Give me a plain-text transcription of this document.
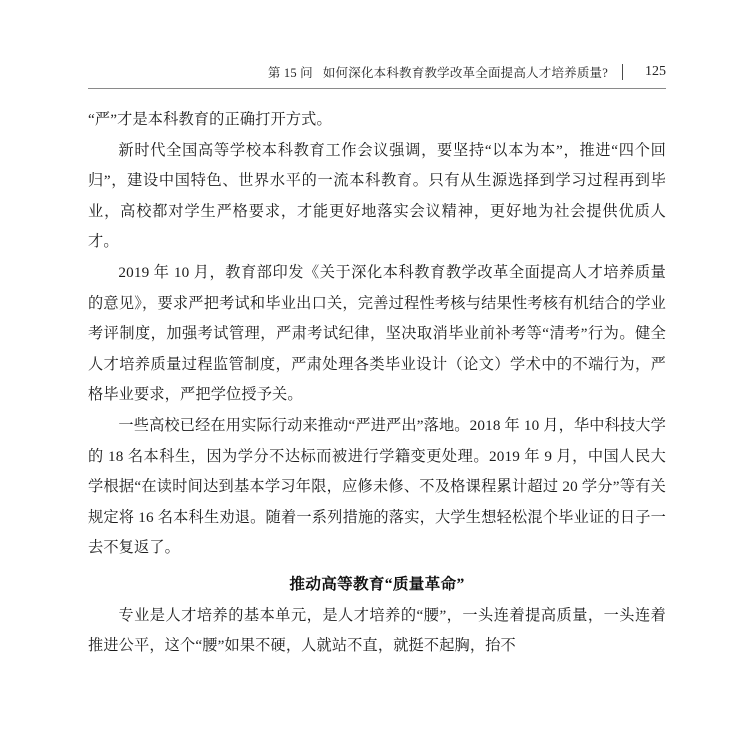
第 15 问 如何深化本科教育教学改革全面提高人才培养质量?	125

“严”才是本科教育的正确打开方式。

新时代全国高等学校本科教育工作会议强调，要坚持“以本为本”，推进“四个回归”，建设中国特色、世界水平的一流本科教育。只有从生源选择到学习过程再到毕业，高校都对学生严格要求，才能更好地落实会议精神，更好地为社会提供优质人才。

2019 年 10 月，教育部印发《关于深化本科教育教学改革全面提高人才培养质量的意见》，要求严把考试和毕业出口关，完善过程性考核与结果性考核有机结合的学业考评制度，加强考试管理，严肃考试纪律，坚决取消毕业前补考等“清考”行为。健全人才培养质量过程监管制度，严肃处理各类毕业设计（论文）学术中的不端行为，严格毕业要求，严把学位授予关。

一些高校已经在用实际行动来推动“严进严出”落地。2018 年 10 月，华中科技大学的 18 名本科生，因为学分不达标而被进行学籍变更处理。2019 年 9 月，中国人民大学根据“在读时间达到基本学习年限，应修未修、不及格课程累计超过 20 学分”等有关规定将 16 名本科生劝退。随着一系列措施的落实，大学生想轻松混个毕业证的日子一去不复返了。

推动高等教育“质量革命”

专业是人才培养的基本单元，是人才培养的“腰”，一头连着提高质量，一头连着推进公平，这个“腰”如果不硬，人就站不直，就挺不起胸，抬不
